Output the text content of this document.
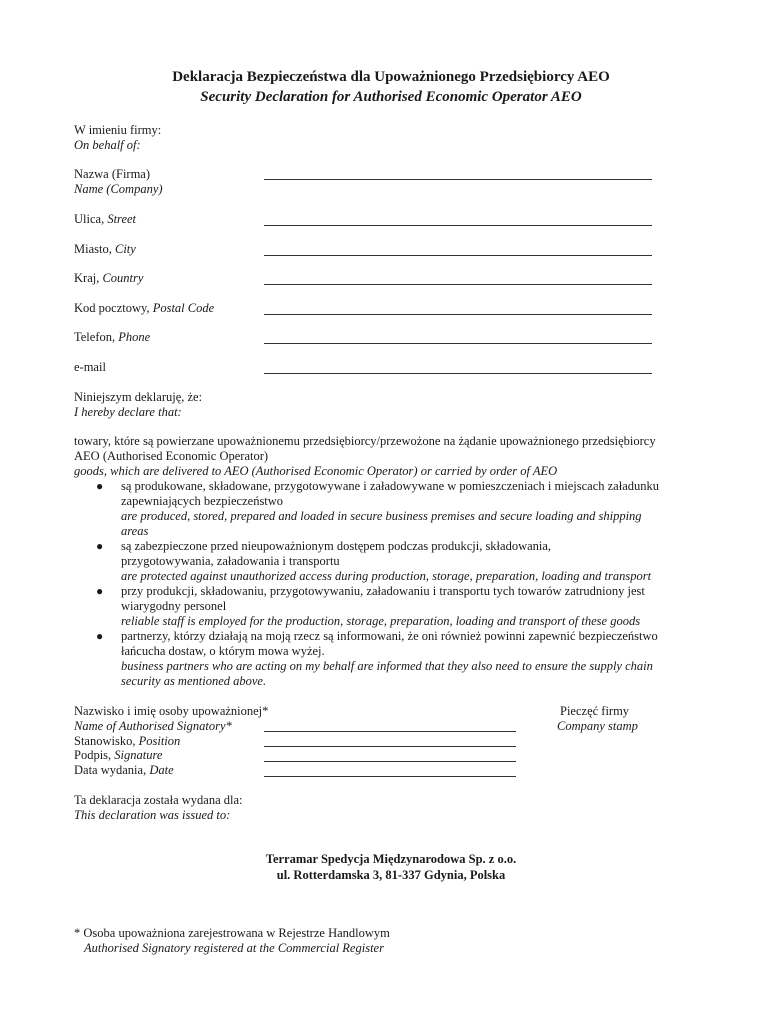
Deklaracja Bezpieczeństwa dla Upoważnionego Przedsiębiorcy AEO
Security Declaration for Authorised Economic Operator AEO
W imieniu firmy:
On behalf of:
Nazwa (Firma)
Name (Company)
Ulica, Street
Miasto, City
Kraj, Country
Kod pocztowy, Postal Code
Telefon, Phone
e-mail
Niniejszym deklaruję, że:
I hereby declare that:
towary, które są powierzane upoważnionemu przedsiębiorcy/przewożone na żądanie upoważnionego przedsiębiorcy
AEO (Authorised Economic Operator)
goods, which are delivered to AEO (Authorised Economic Operator) or carried by order of AEO
● są produkowane, składowane, przygotowywane i załadowywane w pomieszczeniach i miejscach załadunku
zapewniających bezpieczeństwo
are produced, stored, prepared and loaded in secure business premises and secure loading and shipping
areas
● są zabezpieczone przed nieupoważnionym dostępem podczas produkcji, składowania,
przygotowywania, załadowania i transportu
are protected against unauthorized access during production, storage, preparation, loading and transport
● przy produkcji, składowaniu, przygotowywaniu, załadowaniu i transportu tych towarów zatrudniony jest
wiarygodny personel
reliable staff is employed for the production, storage, preparation, loading and transport of these goods
● partnerzy, którzy działają na moją rzecz są informowani, że oni również powinni zapewnić bezpieczeństwo
łańcucha dostaw, o którym mowa wyżej.
business partners who are acting on my behalf are informed that they also need to ensure the supply chain
security as mentioned above.
Nazwisko i imię osoby upoważnionej*
Name of Authorised Signatory*
Stanowisko, Position
Podpis, Signature
Data wydania, Date
Pieczęć firmy
Company stamp
Ta deklaracja została wydana dla:
This declaration was issued to:
Terramar Spedycja Międzynarodowa Sp. z o.o.
ul. Rotterdamska 3, 81-337 Gdynia, Polska
* Osoba upoważniona zarejestrowana w Rejestrze Handlowym
Authorised Signatory registered at the Commercial Register
